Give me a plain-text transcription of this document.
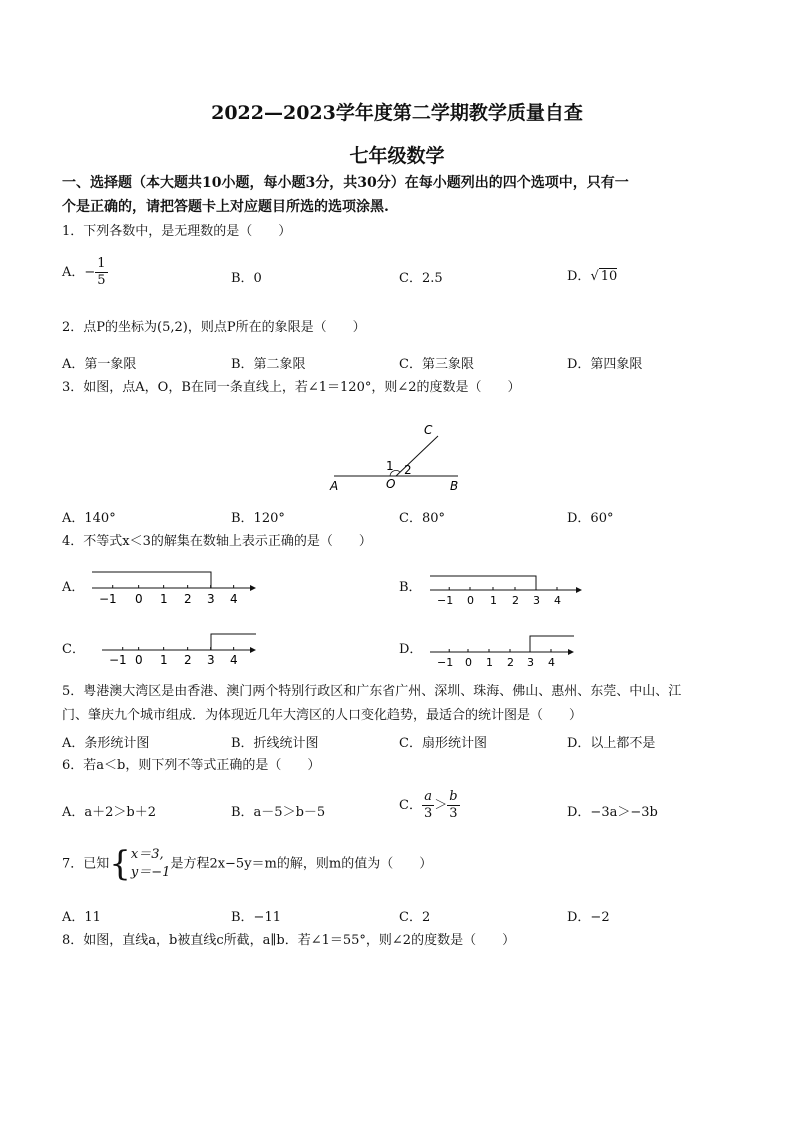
2022—2023学年度第二学期教学质量自查
七年级数学
一、选择题（本大题共10小题，每小题3分，共30分）在每小题列出的四个选项中，只有一
个是正确的，请把答题卡上对应题目所选的选项涂黑.
1．下列各数中，是无理数的是（　　）
A．− $\frac{1}{5}$	B．0	C．2.5	D．√ 10
2．点P的坐标为(5,2)，则点P所在的象限是（　　）
A．第一象限	B．第二象限	C．第三象限	D．第四象限
3．如图，点A，O，B在同一条直线上，若∠1＝120°，则∠2的度数是（　　）
A	O	B
C
1 2
A．140°	B．120°	C．80°	D．60°
4．不等式x＜3的解集在数轴上表示正确的是（　　）
A．
−1 0 1 2 3 4
B．
−1 0 1 2 3 4
C．
−1 0 1 2 3 4
D．
−1 0 1 2 3 4
5．粤港澳大湾区是由香港、澳门两个特别行政区和广东省广州、深圳、珠海、佛山、惠州、东莞、中山、江
门、肇庆九个城市组成．为体现近几年大湾区的人口变化趋势，最适合的统计图是（　　）
A．条形统计图	B．折线统计图	C．扇形统计图	D．以上都不是
6．若a＜b，则下列不等式正确的是（　　）
A．a＋2＞b＋2	B．a－5＞b－5	C． $\frac{a}{3} > \frac{b}{3}$	D．−3a＞−3b
7．已知{ x＝3,
y＝−1
是方程2x−5y＝m的解，则m的值为（　　）
A．11	B．−11	C．2	D．−2
8．如图，直线a，b被直线c所截，a∥b．若∠1＝55°，则∠2的度数是（　　）
